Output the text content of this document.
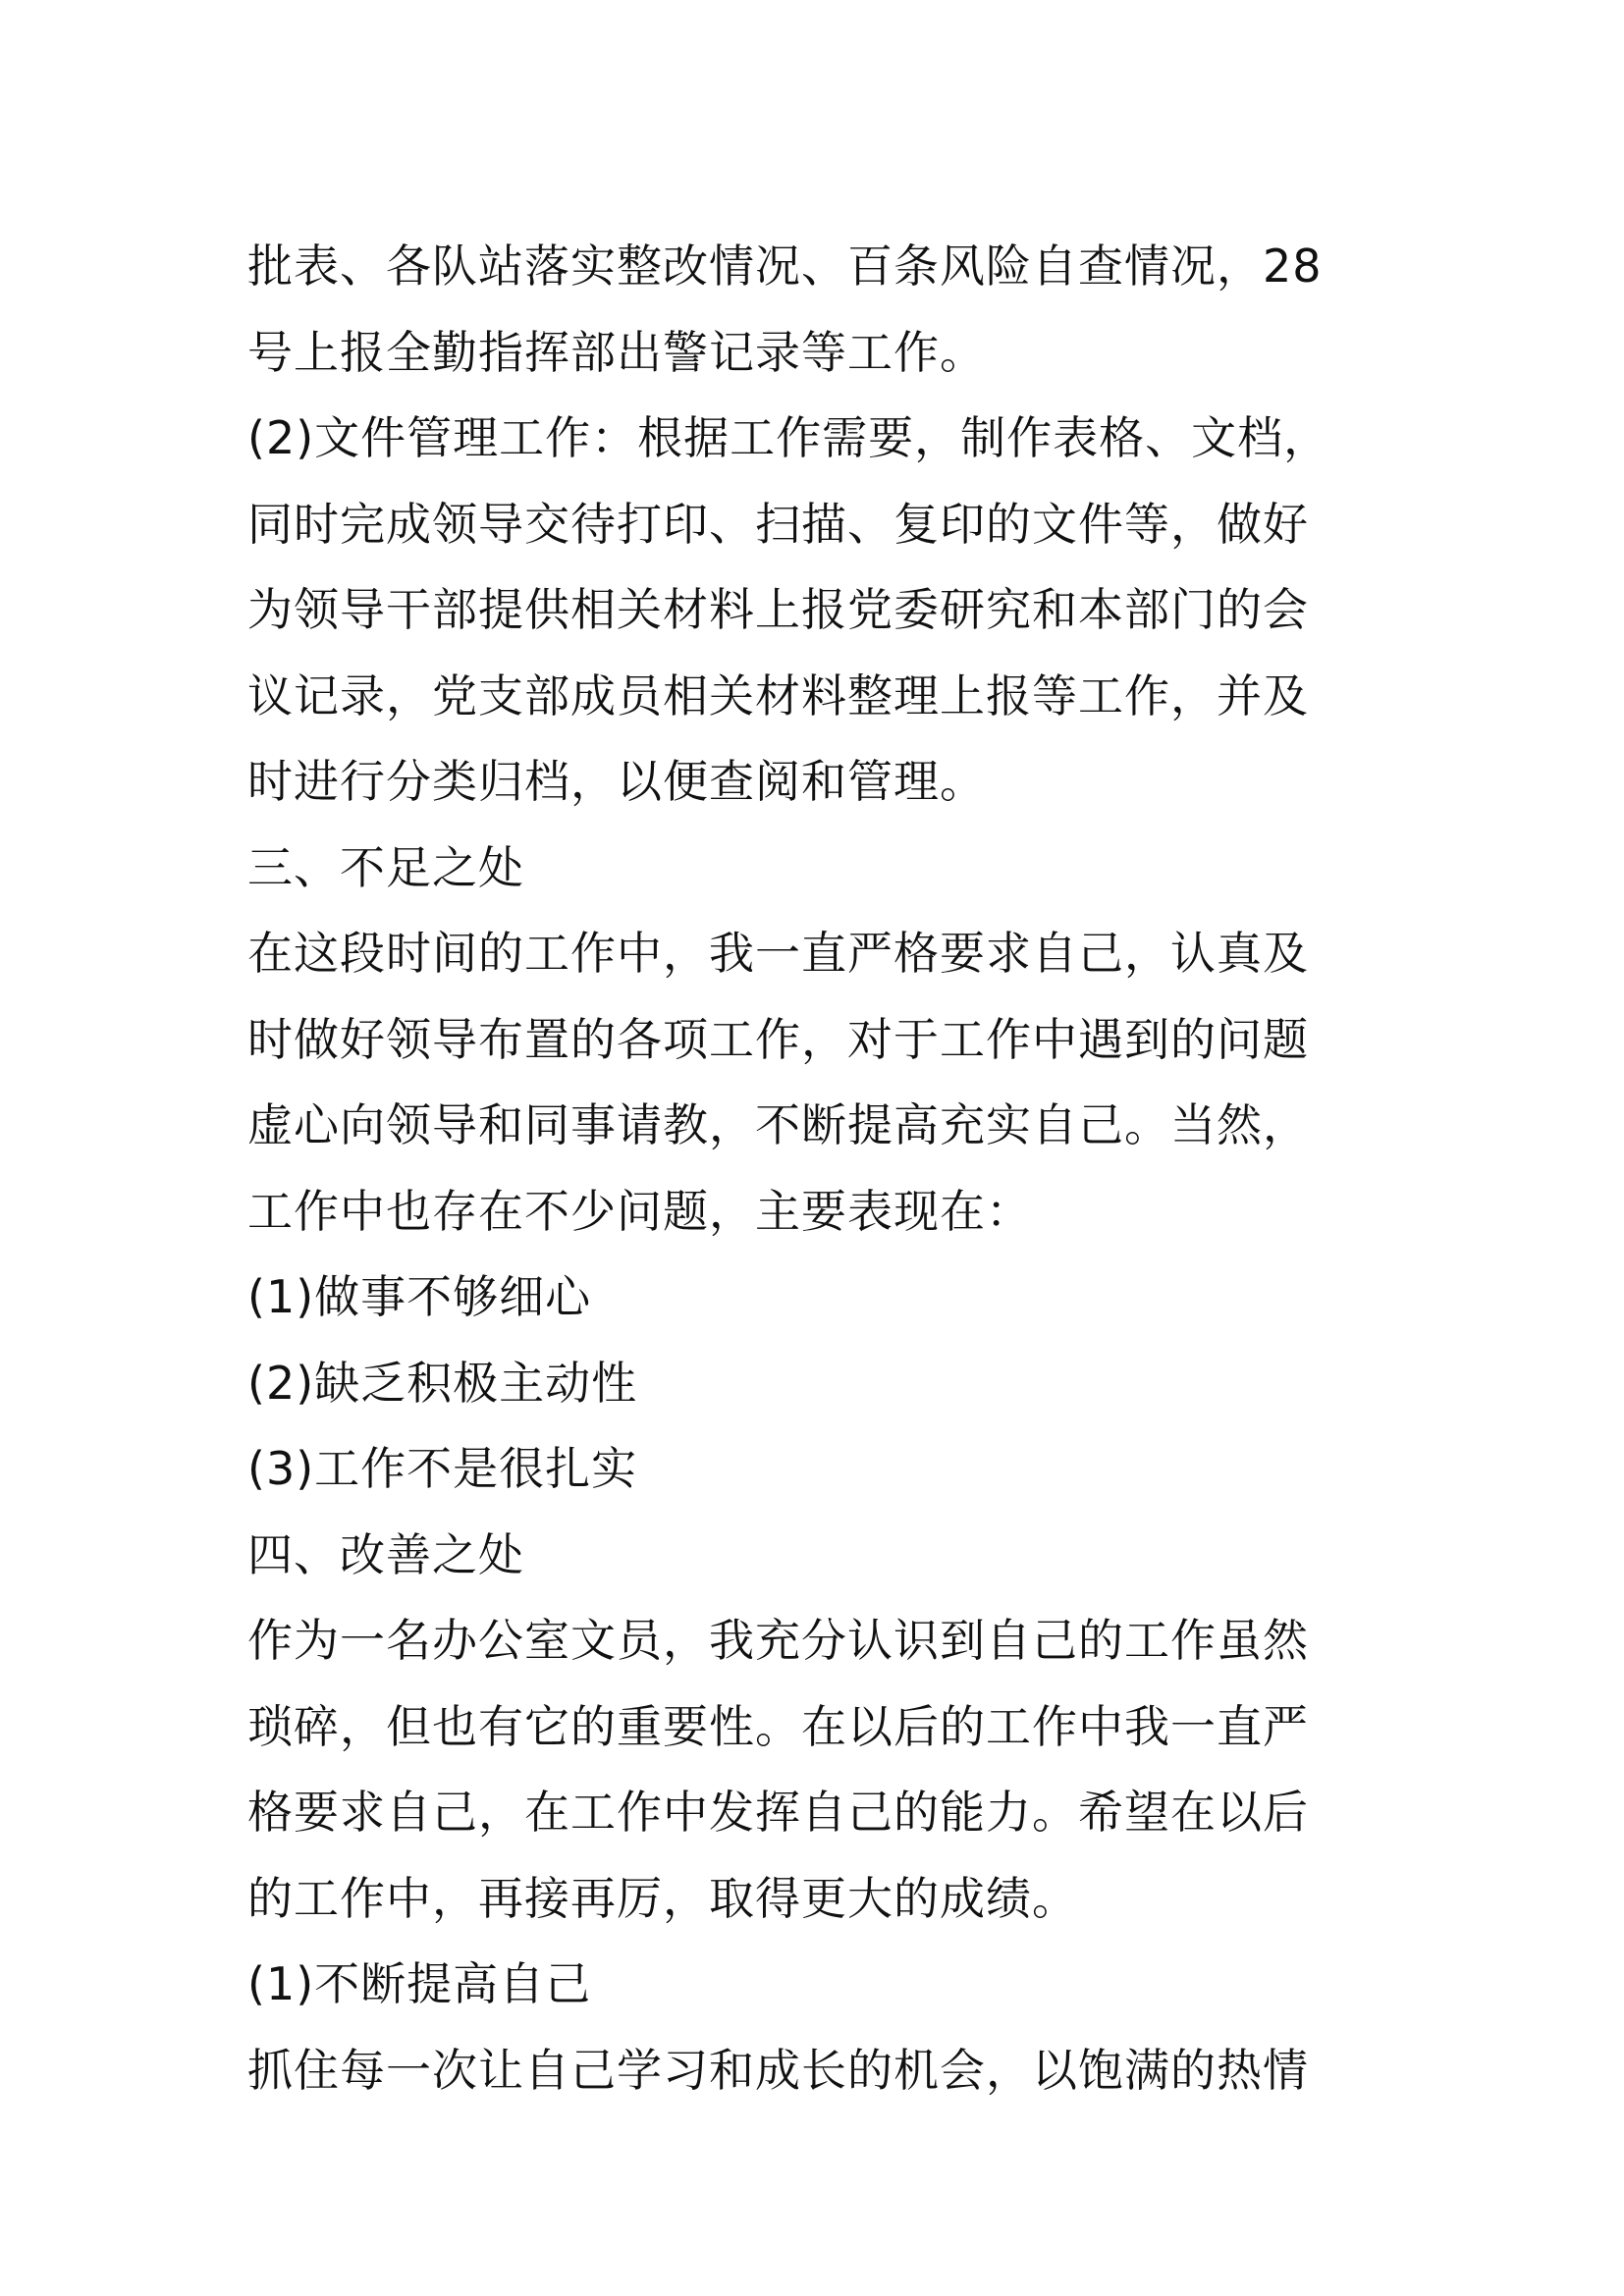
批表、各队站落实整改情况、百条风险自查情况，28
号上报全勤指挥部出警记录等工作。
(2)文件管理工作：根据工作需要，制作表格、文档，
同时完成领导交待打印、扫描、复印的文件等，做好
为领导干部提供相关材料上报党委研究和本部门的会
议记录，党支部成员相关材料整理上报等工作，并及
时进行分类归档，以便查阅和管理。
三、不足之处
在这段时间的工作中，我一直严格要求自己，认真及
时做好领导布置的各项工作，对于工作中遇到的问题
虚心向领导和同事请教，不断提高充实自己。当然，
工作中也存在不少问题，主要表现在：
(1)做事不够细心
(2)缺乏积极主动性
(3)工作不是很扎实
四、改善之处
作为一名办公室文员，我充分认识到自己的工作虽然
琐碎，但也有它的重要性。在以后的工作中我一直严
格要求自己，在工作中发挥自己的能力。希望在以后
的工作中，再接再厉，取得更大的成绩。
(1)不断提高自己
抓住每一次让自己学习和成长的机会，以饱满的热情
